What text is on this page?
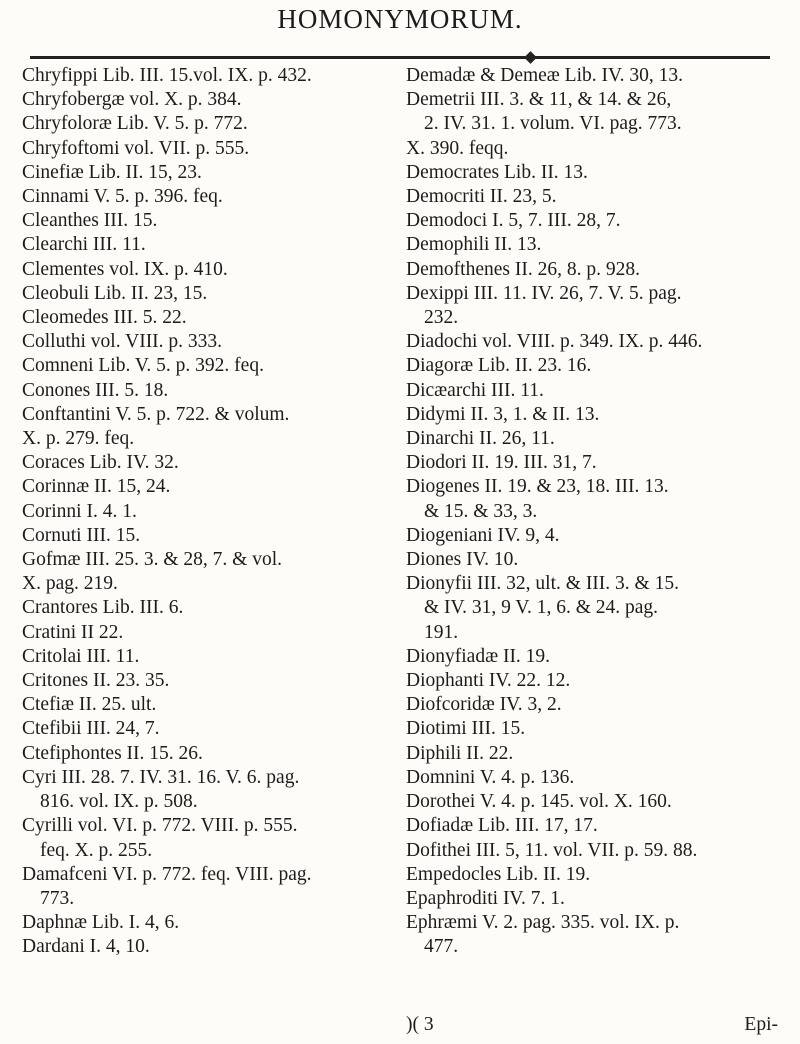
HOMONYMORUM.
Chryfippi Lib. III. 15.vol. IX. p. 432.
Chryfobergæ vol. X. p. 384.
Chryfoloræ Lib. V. 5. p. 772.
Chryfoftomi vol. VII. p. 555.
Cinefiæ Lib. II. 15, 23.
Cinnami V. 5. p. 396. feq.
Cleanthes III. 15.
Clearchi III. 11.
Clementes vol. IX. p. 410.
Cleobuli Lib. II. 23, 15.
Cleomedes III. 5. 22.
Colluthi vol. VIII. p. 333.
Comneni Lib. V. 5. p. 392. feq.
Conones III. 5. 18.
Conftantini V. 5. p. 722. & volum.
X. p. 279. feq.
Coraces Lib. IV. 32.
Corinnæ II. 15, 24.
Corinni I. 4. 1.
Cornuti III. 15.
Gofmæ III. 25. 3. & 28, 7. & vol.
X. pag. 219.
Crantores Lib. III. 6.
Cratini II 22.
Critolai III. 11.
Critones II. 23. 35.
Ctefiæ II. 25. ult.
Ctefibii III. 24, 7.
Ctefiphontes II. 15. 26.
Cyri III. 28. 7. IV. 31. 16. V. 6. pag.
816. vol. IX. p. 508.
Cyrilli vol. VI. p. 772. VIII. p. 555.
feq. X. p. 255.
Damafceni VI. p. 772. feq. VIII. pag.
773.
Daphnæ Lib. I. 4, 6.
Dardani I. 4, 10.
Demadæ & Demeæ Lib. IV. 30, 13.
Demetrii III. 3. & 11, & 14. & 26,
2. IV. 31. 1. volum. VI. pag. 773.
X. 390. feqq.
Democrates Lib. II. 13.
Democriti II. 23, 5.
Demodoci I. 5, 7. III. 28, 7.
Demophili II. 13.
Demofthenes II. 26, 8. p. 928.
Dexippi III. 11. IV. 26, 7. V. 5. pag.
232.
Diadochi vol. VIII. p. 349. IX. p. 446.
Diagoræ Lib. II. 23. 16.
Dicæarchi III. 11.
Didymi II. 3, 1. & II. 13.
Dinarchi II. 26, 11.
Diodori II. 19. III. 31, 7.
Diogenes II. 19. & 23, 18. III. 13.
& 15. & 33, 3.
Diogeniani IV. 9, 4.
Diones IV. 10.
Dionyfii III. 32, ult. & III. 3. & 15.
& IV. 31, 9 V. 1, 6. & 24. pag.
191.
Dionyfiadæ II. 19.
Diophanti IV. 22. 12.
Diofcoridæ IV. 3, 2.
Diotimi III. 15.
Diphili II. 22.
Domnini V. 4. p. 136.
Dorothei V. 4. p. 145. vol. X. 160.
Dofiadæ Lib. III. 17, 17.
Dofithei III. 5, 11. vol. VII. p. 59. 88.
Empedocles Lib. II. 19.
Epaphroditi IV. 7. 1.
Ephræmi V. 2. pag. 335. vol. IX. p.
477.
)( 3	Epi-
